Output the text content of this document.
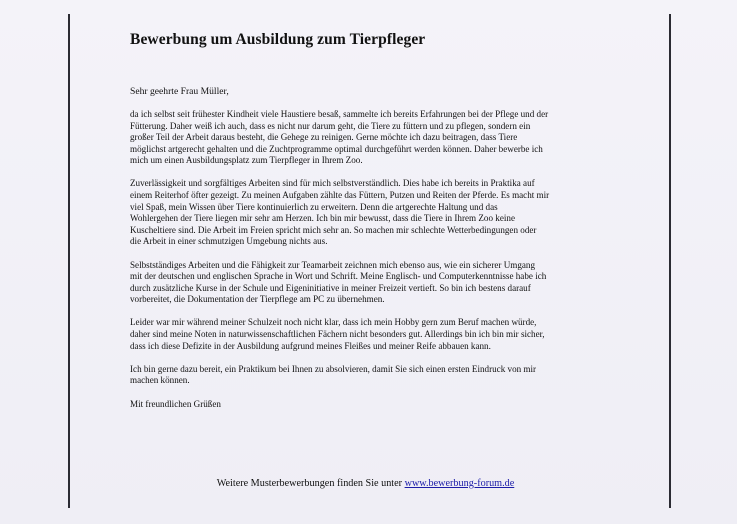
Bewerbung um Ausbildung zum Tierpfleger
Sehr geehrte Frau Müller,
da ich selbst seit frühester Kindheit viele Haustiere besaß, sammelte ich bereits Erfahrungen bei der Pflege und der
Fütterung. Daher weiß ich auch, dass es nicht nur darum geht, die Tiere zu füttern und zu pflegen, sondern ein
großer Teil der Arbeit daraus besteht, die Gehege zu reinigen. Gerne möchte ich dazu beitragen, dass Tiere
möglichst artgerecht gehalten und die Zuchtprogramme optimal durchgeführt werden können. Daher bewerbe ich
mich um einen Ausbildungsplatz zum Tierpfleger in Ihrem Zoo.
Zuverlässigkeit und sorgfältiges Arbeiten sind für mich selbstverständlich. Dies habe ich bereits in Praktika auf
einem Reiterhof öfter gezeigt. Zu meinen Aufgaben zählte das Füttern, Putzen und Reiten der Pferde. Es macht mir
viel Spaß, mein Wissen über Tiere kontinuierlich zu erweitern. Denn die artgerechte Haltung und das
Wohlergehen der Tiere liegen mir sehr am Herzen. Ich bin mir bewusst, dass die Tiere in Ihrem Zoo keine
Kuscheltiere sind. Die Arbeit im Freien spricht mich sehr an. So machen mir schlechte Wetterbedingungen oder
die Arbeit in einer schmutzigen Umgebung nichts aus.
Selbstständiges Arbeiten und die Fähigkeit zur Teamarbeit zeichnen mich ebenso aus, wie ein sicherer Umgang
mit der deutschen und englischen Sprache in Wort und Schrift. Meine Englisch- und Computerkenntnisse habe ich
durch zusätzliche Kurse in der Schule und Eigeninitiative in meiner Freizeit vertieft. So bin ich bestens darauf
vorbereitet, die Dokumentation der Tierpflege am PC zu übernehmen.
Leider war mir während meiner Schulzeit noch nicht klar, dass ich mein Hobby gern zum Beruf machen würde,
daher sind meine Noten in naturwissenschaftlichen Fächern nicht besonders gut. Allerdings bin ich bin mir sicher,
dass ich diese Defizite in der Ausbildung aufgrund meines Fleißes und meiner Reife abbauen kann.
Ich bin gerne dazu bereit, ein Praktikum bei Ihnen zu absolvieren, damit Sie sich einen ersten Eindruck von mir
machen können.
Mit freundlichen Grüßen
Weitere Musterbewerbungen finden Sie unter www.bewerbung-forum.de
